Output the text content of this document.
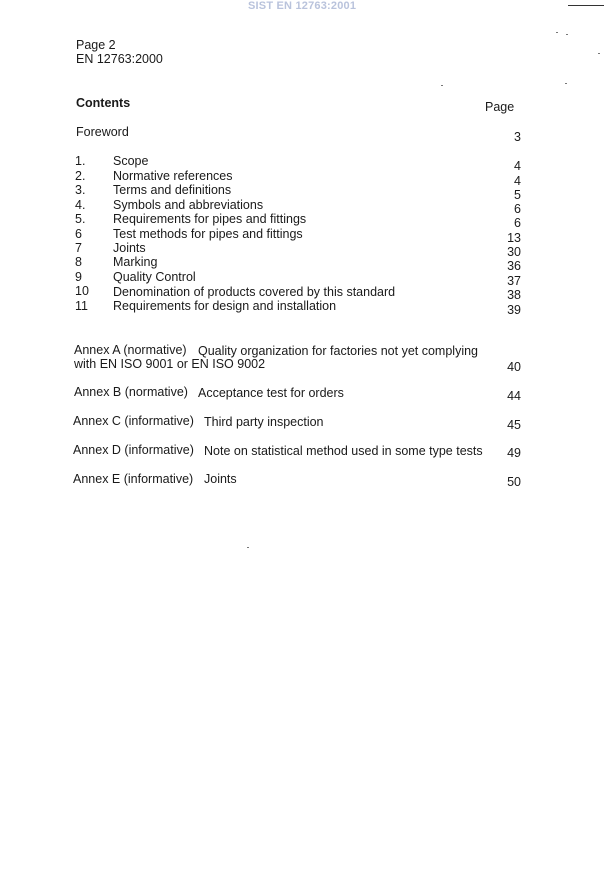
SIST EN 12763:2001
Page 2
EN 12763:2000
Contents	Page
Foreword	3
1. Scope	4
2. Normative references	4
3. Terms and definitions	5
4. Symbols and abbreviations	6
5. Requirements for pipes and fittings	6
6 Test methods for pipes and fittings	13
7 Joints	30
8 Marking	36
9 Quality Control	37
10 Denomination of products covered by this standard	38
11 Requirements for design and installation	39
Annex A (normative) Quality organization for factories not yet complying
with EN ISO 9001 or EN ISO 9002	40
Annex B (normative) Acceptance test for orders	44
Annex C (informative) Third party inspection	45
Annex D (informative) Note on statistical method used in some type tests	49
Annex E (informative) Joints	50
